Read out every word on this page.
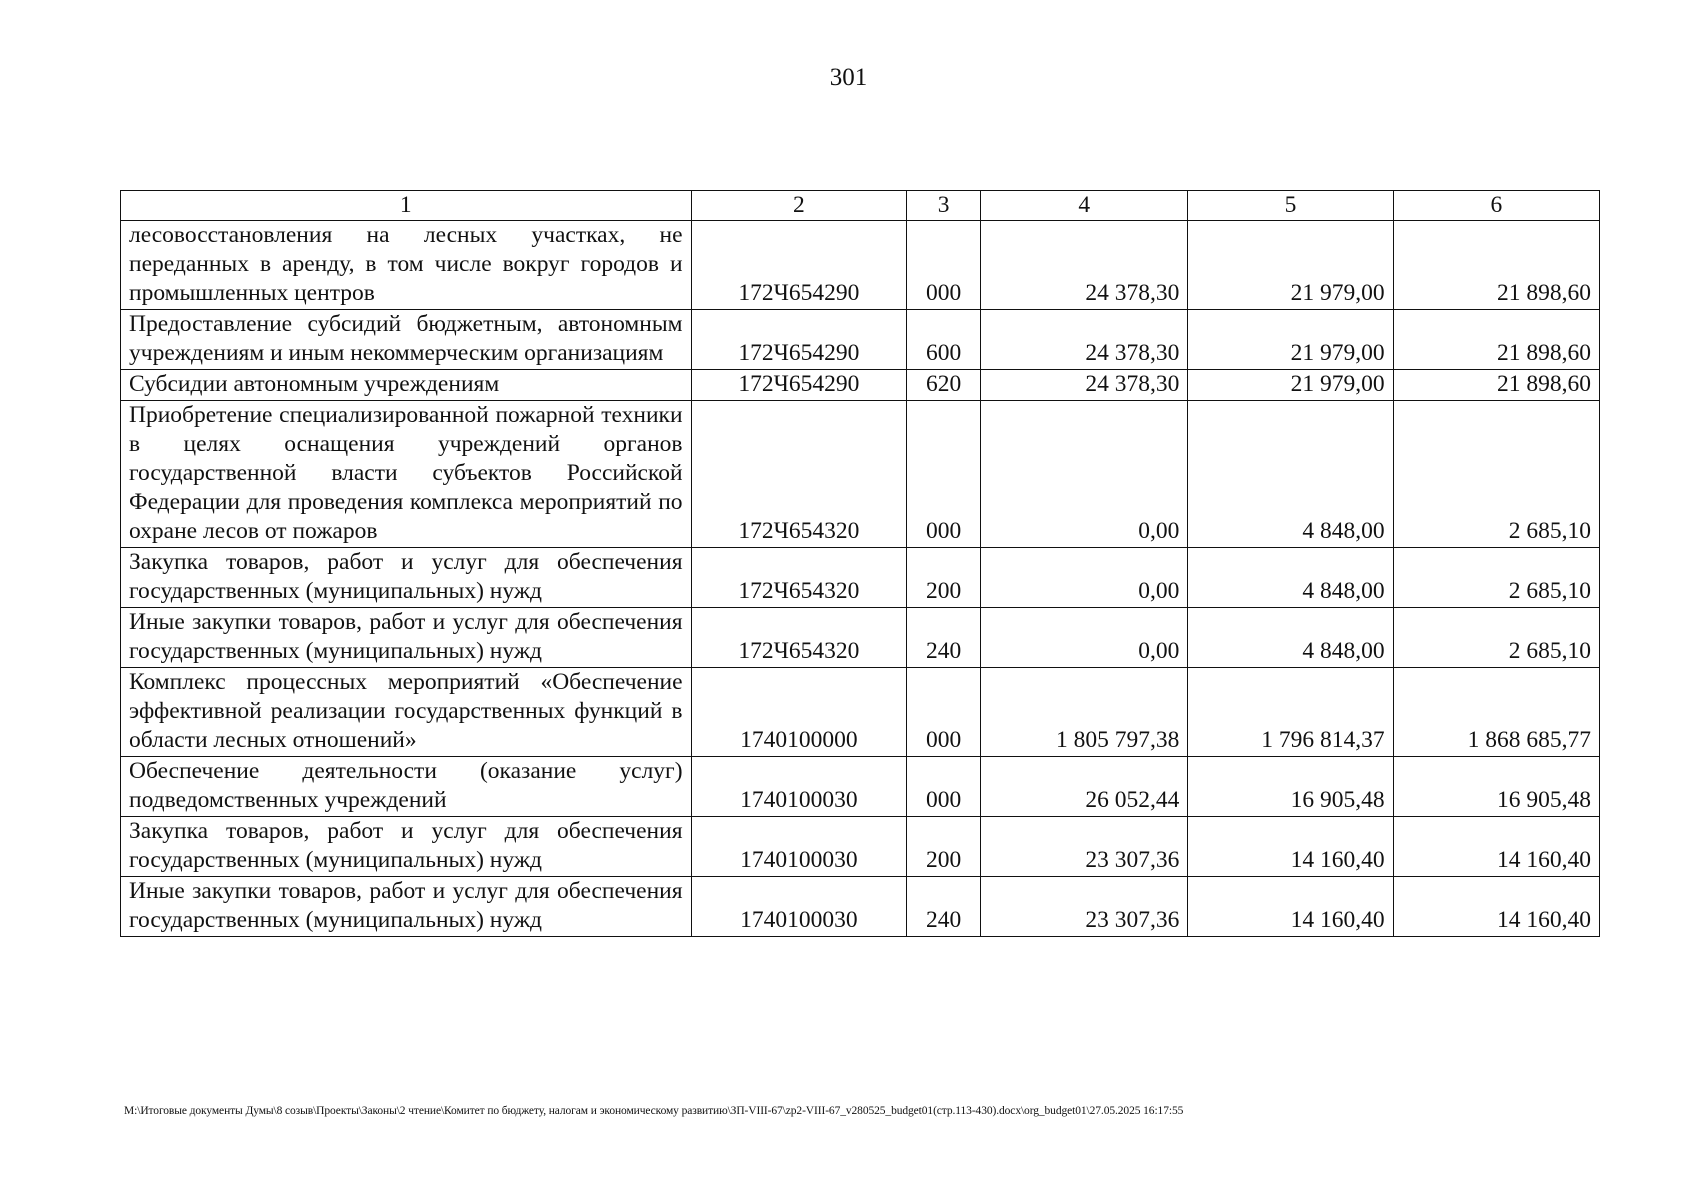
301
1	2	3	4	5	6
лесовосстановления на лесных участках, не переданных в аренду, в том числе вокруг городов и промышленных центров	172Ч654290	000	24 378,30	21 979,00	21 898,60
Предоставление субсидий бюджетным, автономным учреждениям и иным некоммерческим организациям	172Ч654290	600	24 378,30	21 979,00	21 898,60
Субсидии автономным учреждениям	172Ч654290	620	24 378,30	21 979,00	21 898,60
Приобретение специализированной пожарной техники в целях оснащения учреждений органов государственной власти субъектов Российской Федерации для проведения комплекса мероприятий по охране лесов от пожаров	172Ч654320	000	0,00	4 848,00	2 685,10
Закупка товаров, работ и услуг для обеспечения государственных (муниципальных) нужд	172Ч654320	200	0,00	4 848,00	2 685,10
Иные закупки товаров, работ и услуг для обеспечения государственных (муниципальных) нужд	172Ч654320	240	0,00	4 848,00	2 685,10
Комплекс процессных мероприятий «Обеспечение эффективной реализации государственных функций в области лесных отношений»	1740100000	000	1 805 797,38	1 796 814,37	1 868 685,77
Обеспечение деятельности (оказание услуг) подведомственных учреждений	1740100030	000	26 052,44	16 905,48	16 905,48
Закупка товаров, работ и услуг для обеспечения государственных (муниципальных) нужд	1740100030	200	23 307,36	14 160,40	14 160,40
Иные закупки товаров, работ и услуг для обеспечения государственных (муниципальных) нужд	1740100030	240	23 307,36	14 160,40	14 160,40
M:\Итоговые документы Думы\8 созыв\Проекты\Законы\2 чтение\Комитет по бюджету, налогам и экономическому развитию\ЗП-VIII-67\zp2-VIII-67_v280525_budget01(стр.113-430).docx\org_budget01\27.05.2025 16:17:55
